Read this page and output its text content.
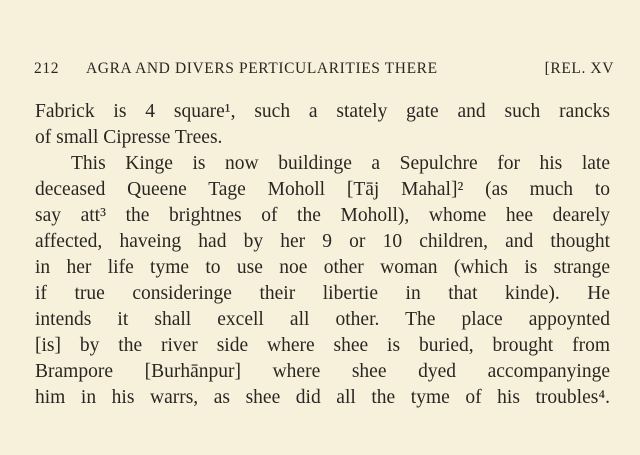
212 AGRA AND DIVERS PERTICULARITIES THERE	[REL. XV
Fabrick is 4 square¹, such a stately gate and such rancks
of small Cipresse Trees.
This Kinge is now buildinge a Sepulchre for his late
deceased Queene Tage Moholl [Tāj Mahal]² (as much to
say att³ the brightnes of the Moholl), whome hee dearely
affected, haveing had by her 9 or 10 children, and thought
in her life tyme to use noe other woman (which is strange
if true consideringe their libertie in that kinde). He
intends it shall excell all other. The place appoynted
[is] by the river side where shee is buried, brought from
Brampore [Burhānpur] where shee dyed accompanyinge
him in his warrs, as shee did all the tyme of his troubles⁴.
